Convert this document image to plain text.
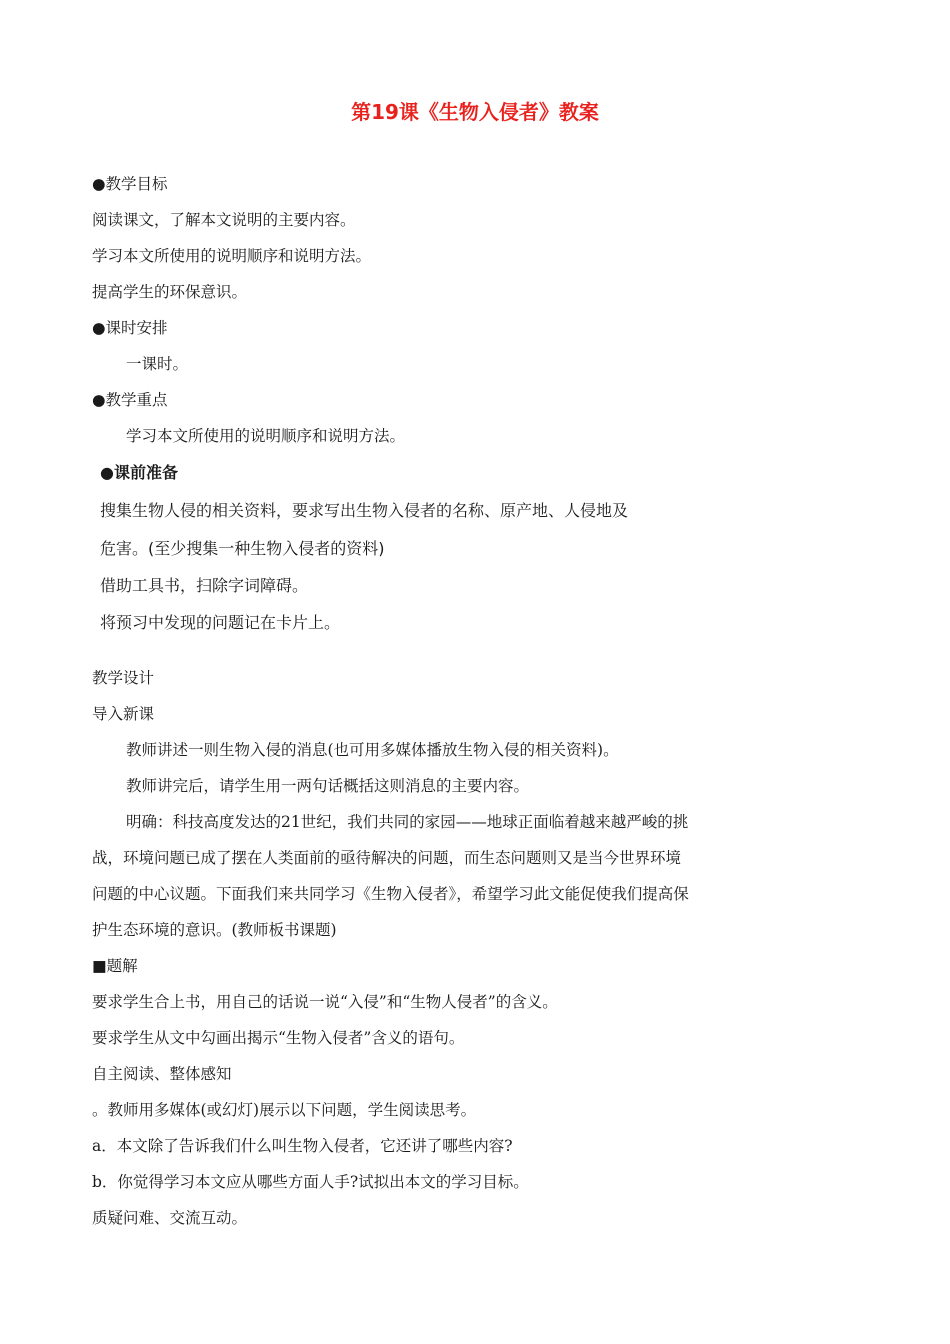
第19课《生物入侵者》教案
●教学目标
阅读课文，了解本文说明的主要内容。
学习本文所使用的说明顺序和说明方法。
提高学生的环保意识。
●课时安排
一课时。
●教学重点
学习本文所使用的说明顺序和说明方法。
●课前准备
搜集生物人侵的相关资料，要求写出生物入侵者的名称、原产地、人侵地及
危害。(至少搜集一种生物入侵者的资料)
借助工具书，扫除字词障碍。
将预习中发现的问题记在卡片上。
教学设计
导入新课
教师讲述一则生物入侵的消息(也可用多媒体播放生物入侵的相关资料)。
教师讲完后，请学生用一两句话概括这则消息的主要内容。
明确：科技高度发达的21世纪，我们共同的家园——地球正面临着越来越严峻的挑
战，环境问题已成了摆在人类面前的亟待解决的问题，而生态问题则又是当今世界环境
问题的中心议题。下面我们来共同学习《生物入侵者》，希望学习此文能促使我们提高保
护生态环境的意识。(教师板书课题)
■题解
要求学生合上书，用自己的话说一说“入侵”和“生物人侵者”的含义。
要求学生从文中勾画出揭示“生物入侵者”含义的语句。
自主阅读、整体感知
。教师用多媒体(或幻灯)展示以下问题，学生阅读思考。
a．本文除了告诉我们什么叫生物入侵者，它还讲了哪些内容?
b．你觉得学习本文应从哪些方面人手?试拟出本文的学习目标。
质疑问难、交流互动。
